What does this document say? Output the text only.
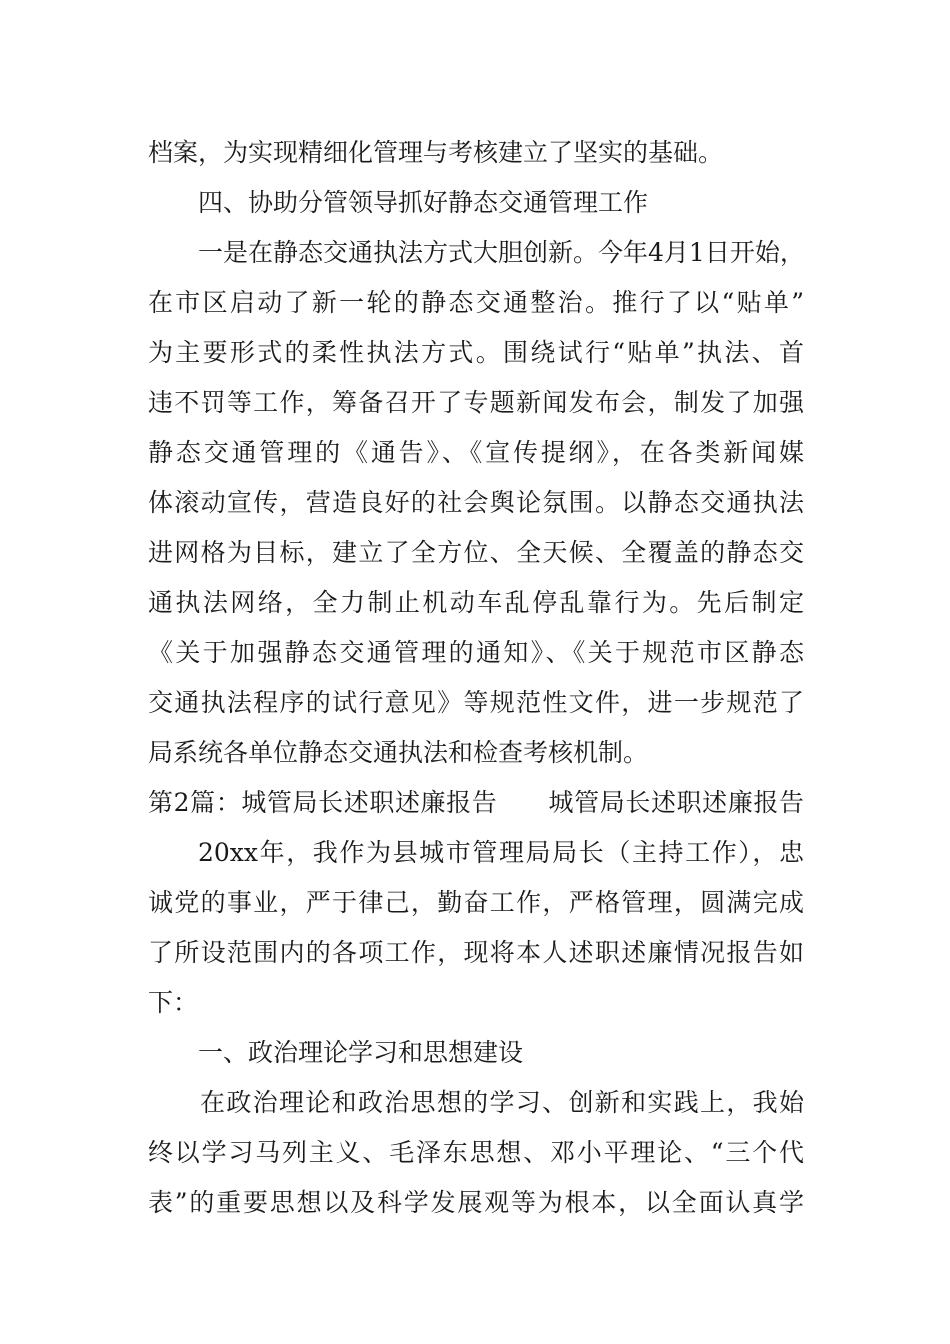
档案，为实现精细化管理与考核建立了坚实的基础。
四、协助分管领导抓好静态交通管理工作
一是在静态交通执法方式大胆创新。今年4月1日开始，
在市区启动了新一轮的静态交通整治。推行了以“贴单”
为主要形式的柔性执法方式。围绕试行“贴单”执法、首
违不罚等工作，筹备召开了专题新闻发布会，制发了加强
静态交通管理的《通告》、《宣传提纲》，在各类新闻媒
体滚动宣传，营造良好的社会舆论氛围。以静态交通执法
进网格为目标，建立了全方位、全天候、全覆盖的静态交
通执法网络，全力制止机动车乱停乱靠行为。先后制定
《关于加强静态交通管理的通知》、《关于规范市区静态
交通执法程序的试行意见》等规范性文件，进一步规范了
局系统各单位静态交通执法和检查考核机制。
第2篇：城管局长述职述廉报告　　城管局长述职述廉报告
20xx年，我作为县城市管理局局长（主持工作），忠
诚党的事业，严于律己，勤奋工作，严格管理，圆满完成
了所设范围内的各项工作，现将本人述职述廉情况报告如
下：
一、政治理论学习和思想建设
在政治理论和政治思想的学习、创新和实践上，我始
终以学习马列主义、毛泽东思想、邓小平理论、“三个代
表”的重要思想以及科学发展观等为根本，以全面认真学
